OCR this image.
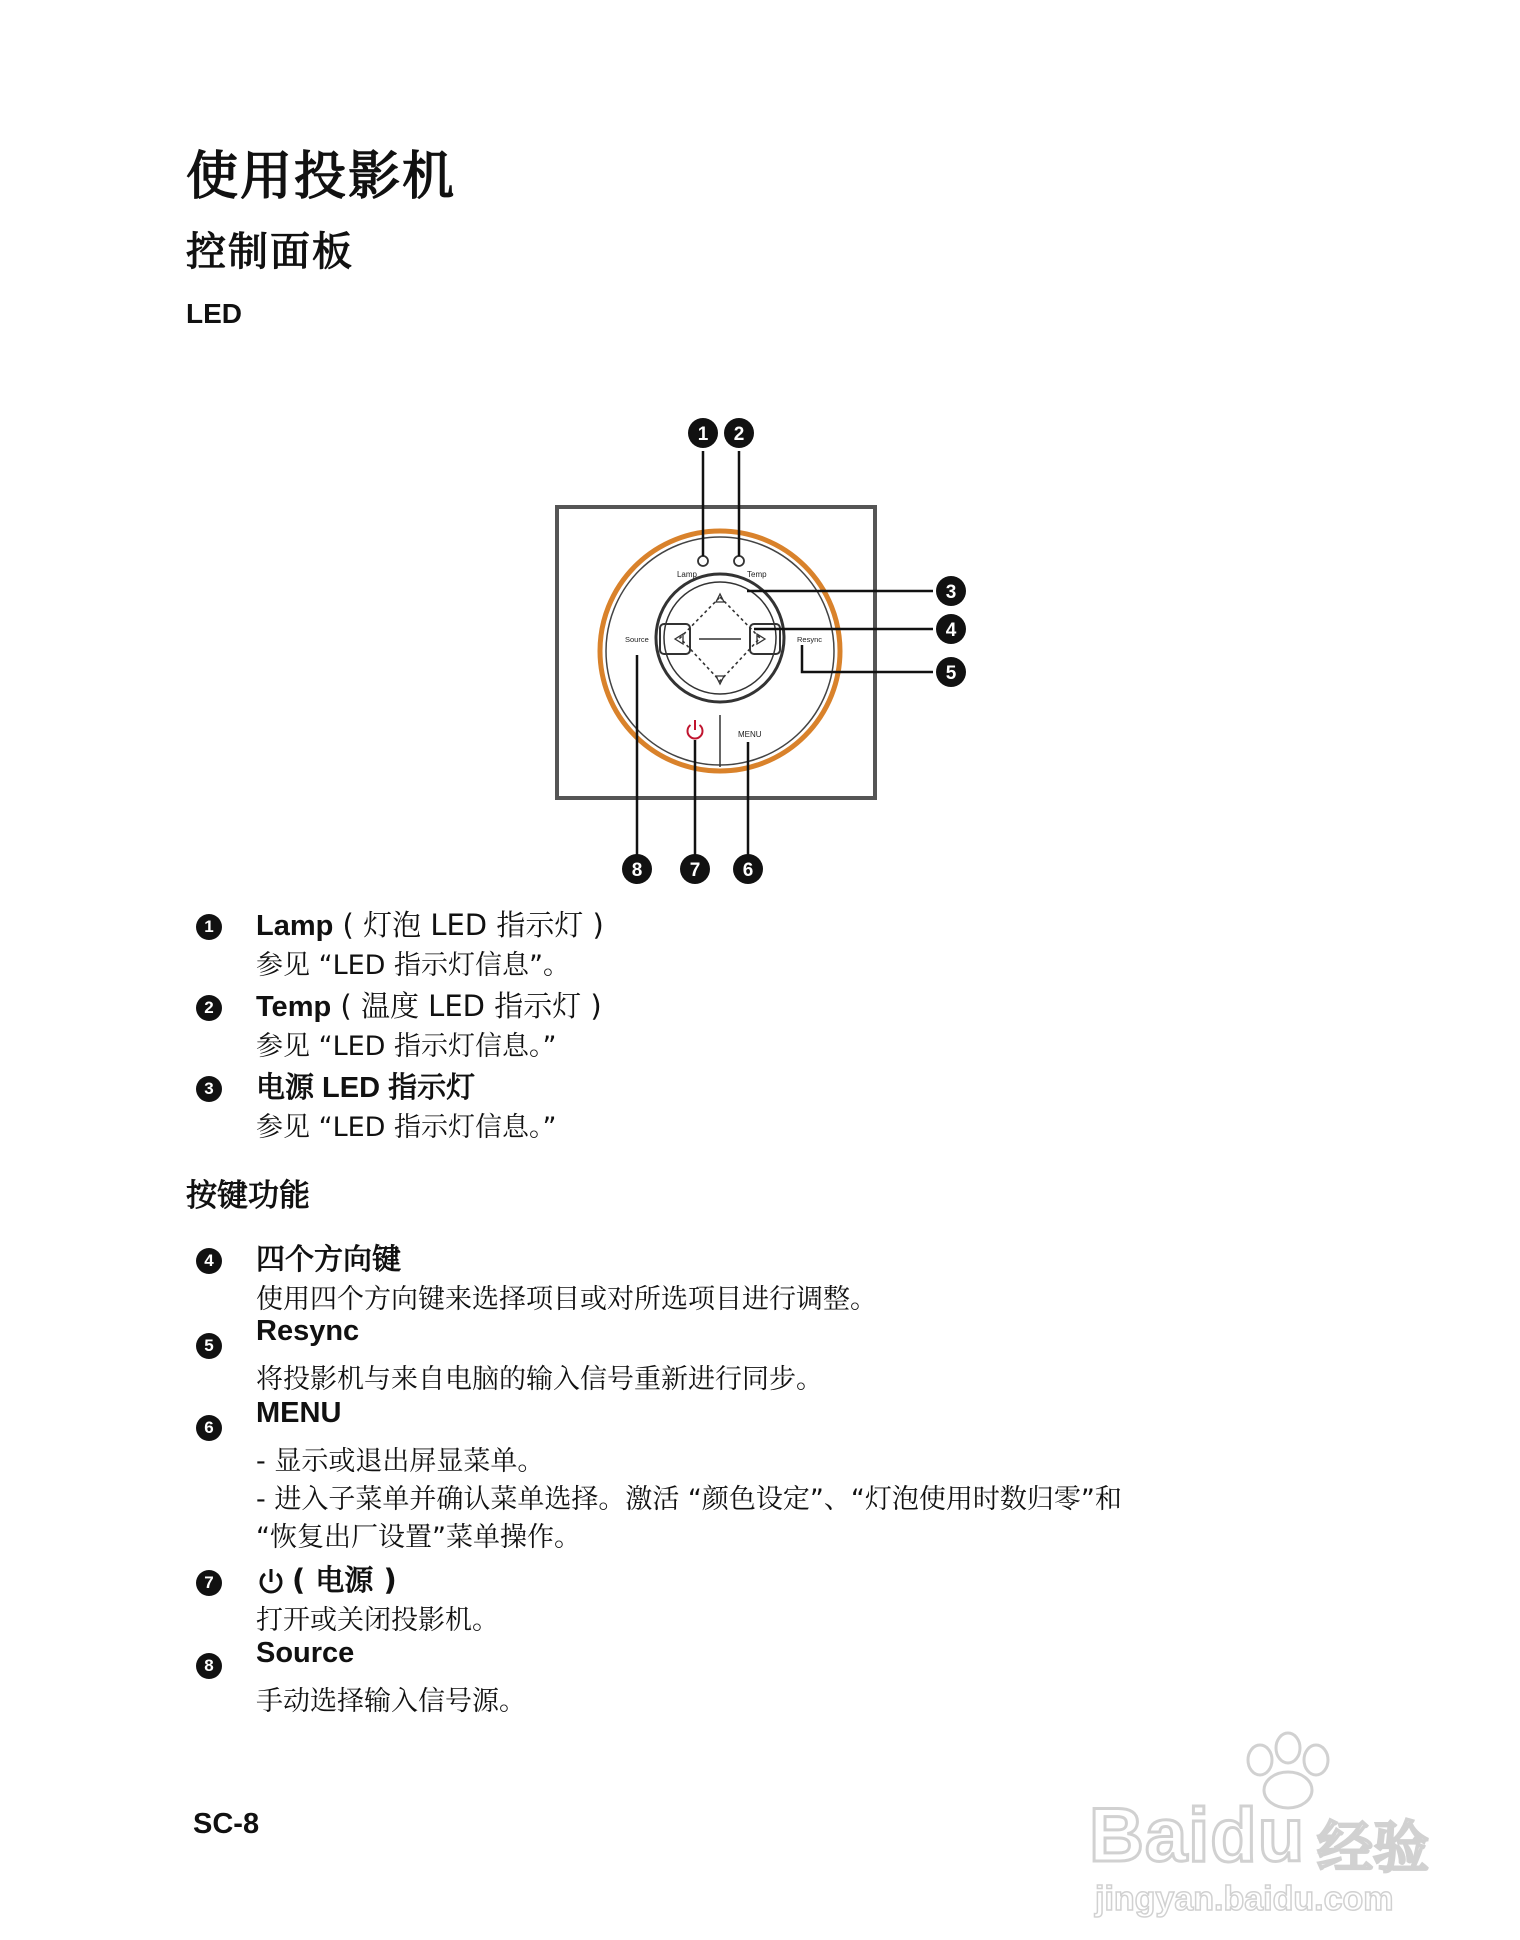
使用投影机
控制面板
LED
Lamp	Temp
Source	Resync
MENU
1 2
3
4
5
8 7 6
1 Lamp ( 灯泡 LED 指示灯 )
参见 “LED 指示灯信息”。
2 Temp ( 温度 LED 指示灯 )
参见 “LED 指示灯信息。”
3 电源 LED 指示灯
参见 “LED 指示灯信息。”
按键功能
4 四个方向键
使用四个方向键来选择项目或对所选项目进行调整。
5 Resync
将投影机与来自电脑的输入信号重新进行同步。
6 MENU
- 显示或退出屏显菜单。
- 进入子菜单并确认菜单选择。激活 “颜色设定”、“灯泡使用时数归零”和
“恢复出厂设置”菜单操作。
7	( 电源 )
打开或关闭投影机。
8 Source
手动选择输入信号源。
SC-8	Baidu 经验
jingyan.baidu.com
